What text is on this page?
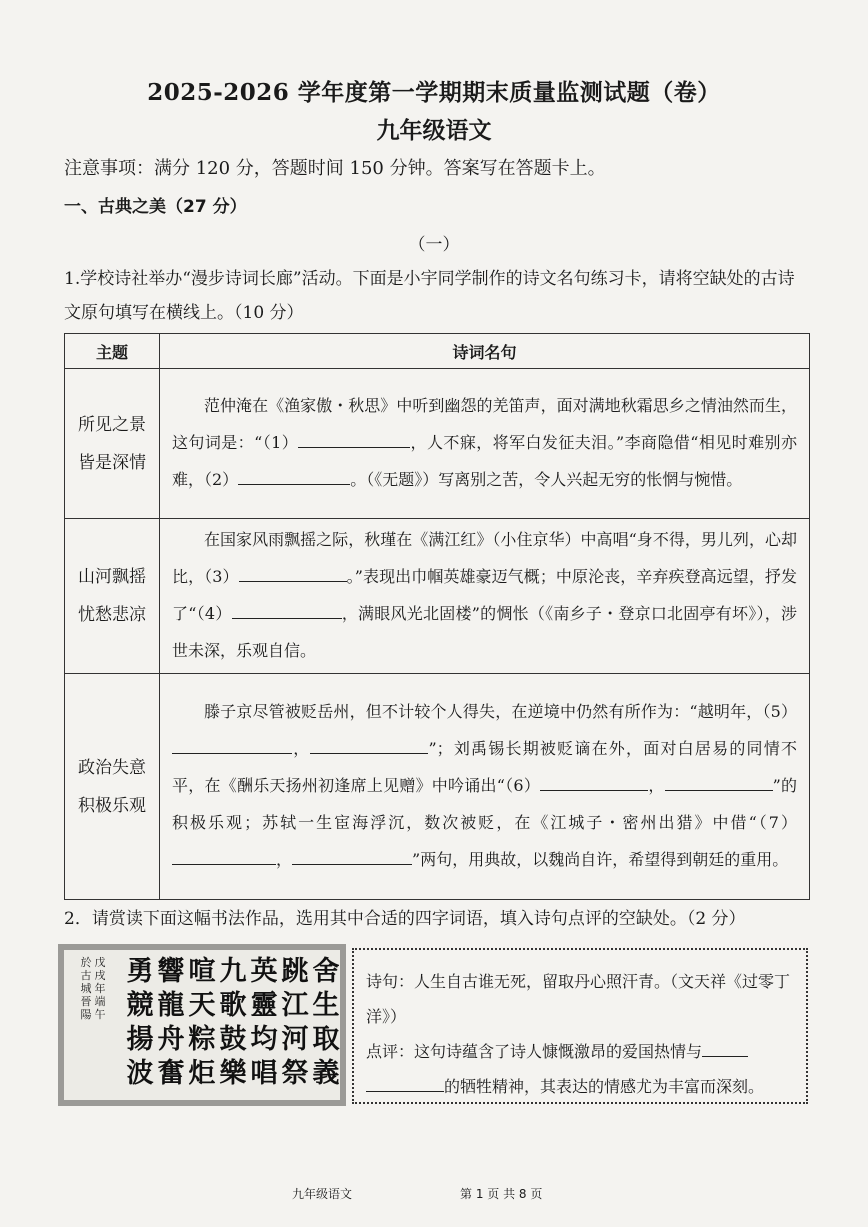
2025-2026 学年度第一学期期末质量监测试题（卷）
九年级语文
注意事项：满分 120 分，答题时间 150 分钟。答案写在答题卡上。
一、古典之美（27 分）
（一）
1.学校诗社举办“漫步诗词长廊”活动。下面是小宇同学制作的诗文名句练习卡，请将空缺处的古诗文原句填写在横线上。（10 分）
主题	诗词名句
所见之景
皆是深情	范仲淹在《渔家傲・秋思》中听到幽怨的羌笛声，面对满地秋霜思乡之情油然而生，这句词是：“（1） ，人不寐，将军白发征夫泪。”李商隐借“相见时难别亦难，（2） 。（《无题》）写离别之苦，令人兴起无穷的怅惘与惋惜。
山河飘摇
忧愁悲凉	在国家风雨飘摇之际，秋瑾在《满江红》（小住京华）中高唱“身不得，男儿列，心却比，（3） 。”表现出巾帼英雄豪迈气概；中原沦丧，辛弃疾登高远望，抒发了“（4） ，满眼风光北固楼”的惆怅（《南乡子・登京口北固亭有坏》），涉世未深，乐观自信。
政治失意
积极乐观	滕子京尽管被贬岳州，但不计较个人得失，在逆境中仍然有所作为：“越明年，（5）， ”；刘禹锡长期被贬谪在外，面对白居易的同情不平，在《酬乐天扬州初逢席上见赠》中吟诵出“（6） ， ”的积极乐观；苏轼一生宦海浮沉，数次被贬，在《江城子・密州出猎》中借“（7）， ”两句，用典故，以魏尚自许，希望得到朝廷的重用。
2．请赏读下面这幅书法作品，选用其中合适的四字词语，填入诗句点评的空缺处。（2 分）
舍
生
取
義
跳
江
河
祭
英
靈
均
唱
九
歌
鼓
樂
喧
天
粽
炬
響
龍
舟
奮
勇
競
揚
波
戊
戌
年
端
午
於
古
城
晉
陽
诗句：人生自古谁无死，留取丹心照汗青。（文天祥《过零丁洋》）
点评：这句诗蕴含了诗人慷慨激昂的爱国热情与
的牺牲精神，其表达的情感尤为丰富而深刻。
九年级语文	第 1 页 共 8 页
